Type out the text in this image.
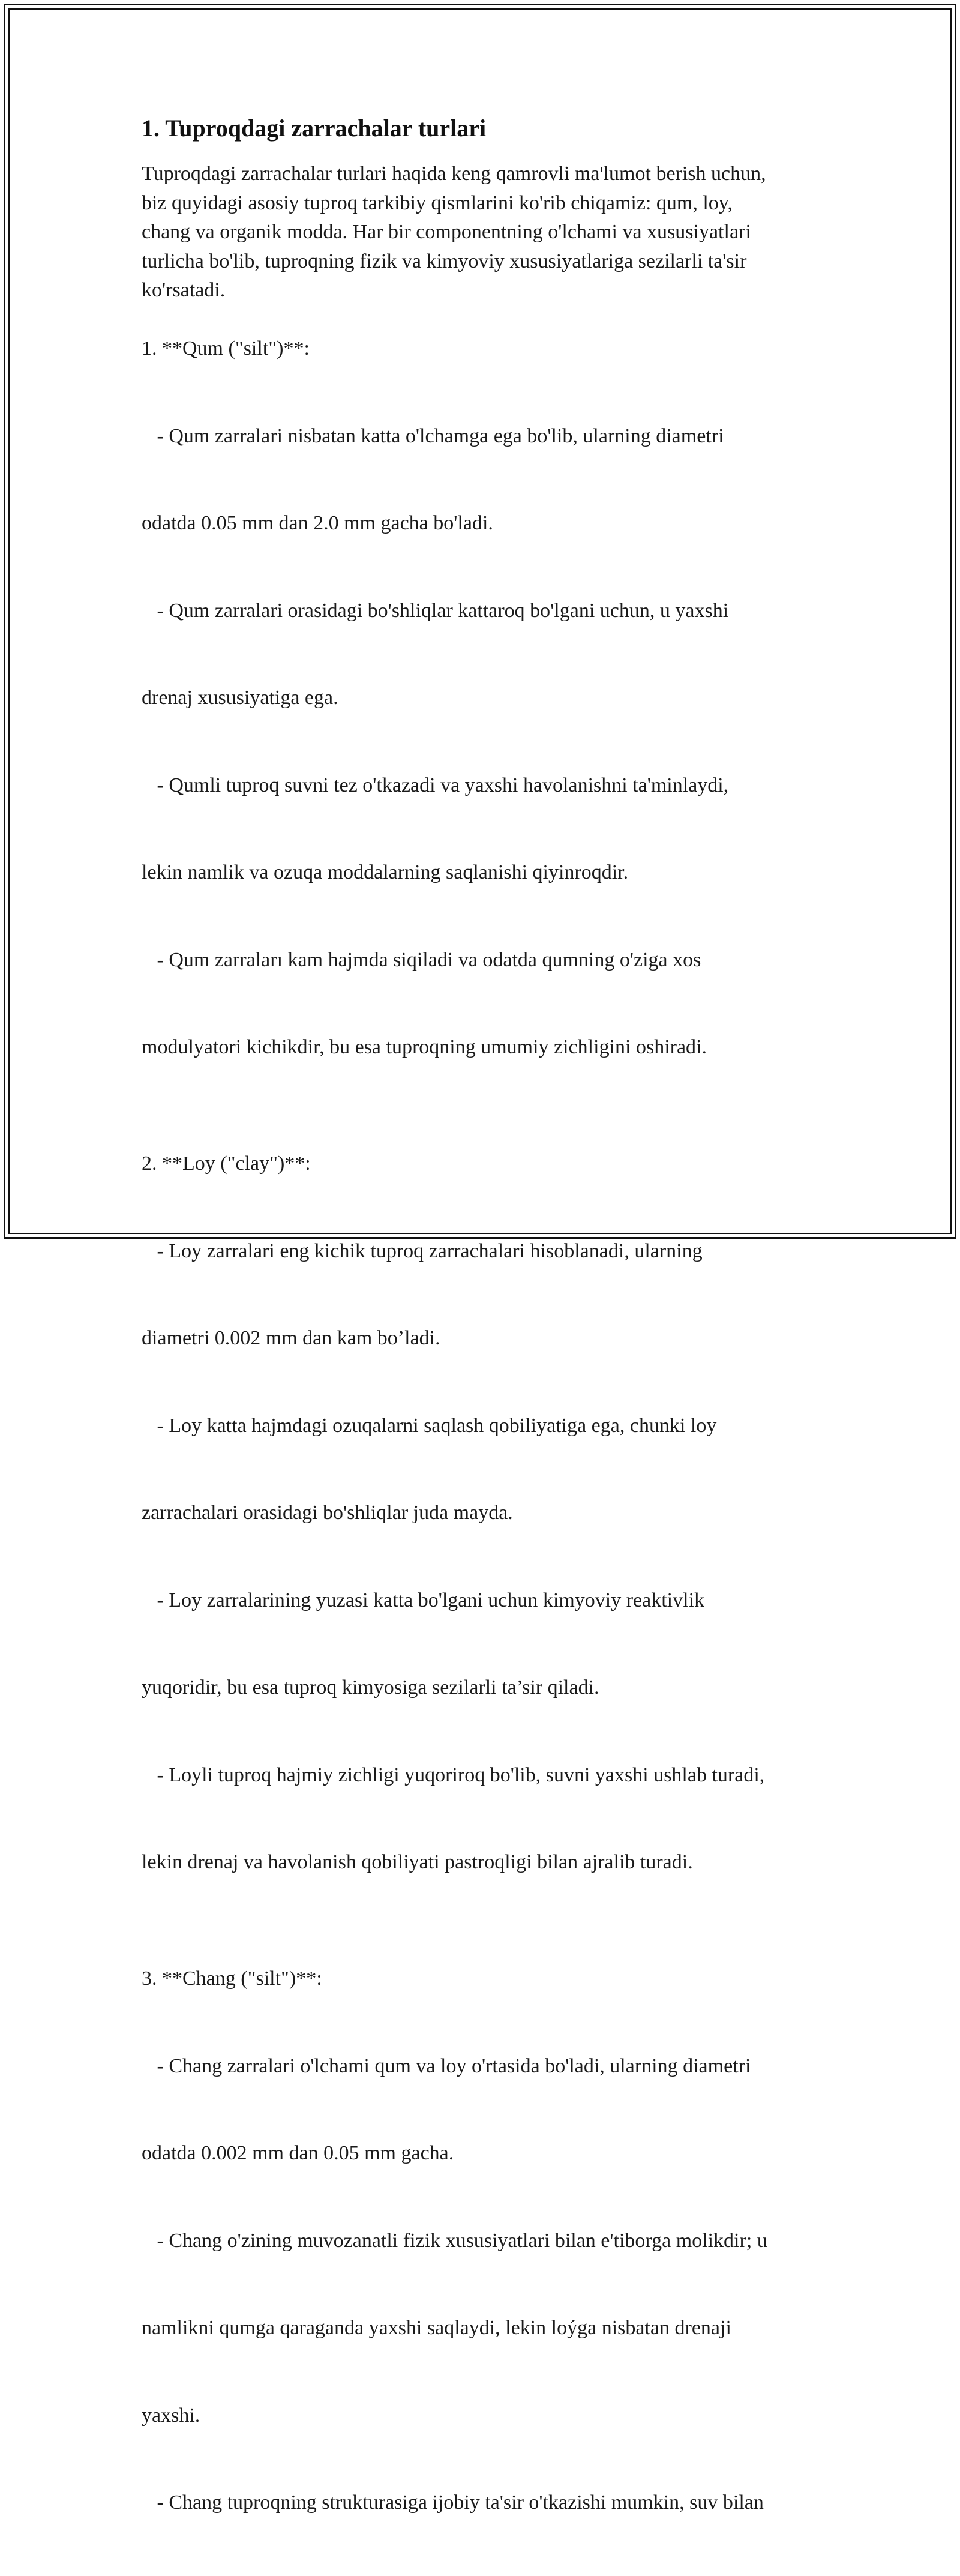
1. Tuproqdagi zarrachalar turlari

Tuproqdagi zarrachalar turlari haqida keng qamrovli ma'lumot berish uchun,
biz quyidagi asosiy tuproq tarkibiy qismlarini ko'rib chiqamiz: qum, loy,
chang va organik modda. Har bir componentning o'lchami va xususiyatlari
turlicha bo'lib, tuproqning fizik va kimyoviy xususiyatlariga sezilarli ta'sir
ko'rsatadi.

1. **Qum ("silt")**:

- Qum zarralari nisbatan katta o'lchamga ega bo'lib, ularning diametri

odatda 0.05 mm dan 2.0 mm gacha bo'ladi.

- Qum zarralari orasidagi bo'shliqlar kattaroq bo'lgani uchun, u yaxshi

drenaj xususiyatiga ega.

- Qumli tuproq suvni tez o'tkazadi va yaxshi havolanishni ta'minlaydi,

lekin namlik va ozuqa moddalarning saqlanishi qiyinroqdir.

- Qum zarraları kam hajmda siqiladi va odatda qumning o'ziga xos

modulyatori kichikdir, bu esa tuproqning umumiy zichligini oshiradi.

2. **Loy ("clay")**:

- Loy zarralari eng kichik tuproq zarrachalari hisoblanadi, ularning

diametri 0.002 mm dan kam bo’ladi.

- Loy katta hajmdagi ozuqalarni saqlash qobiliyatiga ega, chunki loy

zarrachalari orasidagi bo'shliqlar juda mayda.

- Loy zarralarining yuzasi katta bo'lgani uchun kimyoviy reaktivlik

yuqoridir, bu esa tuproq kimyosiga sezilarli ta’sir qiladi.

- Loyli tuproq hajmiy zichligi yuqoriroq bo'lib, suvni yaxshi ushlab turadi,

lekin drenaj va havolanish qobiliyati pastroqligi bilan ajralib turadi.

3. **Chang ("silt")**:

- Chang zarralari o'lchami qum va loy o'rtasida bo'ladi, ularning diametri

odatda 0.002 mm dan 0.05 mm gacha.

- Chang o'zining muvozanatli fizik xususiyatlari bilan e'tiborga molikdir; u

namlikni qumga qaraganda yaxshi saqlaydi, lekin loýga nisbatan drenaji

yaxshi.

- Chang tuproqning strukturasiga ijobiy ta'sir o'tkazishi mumkin, suv bilan
